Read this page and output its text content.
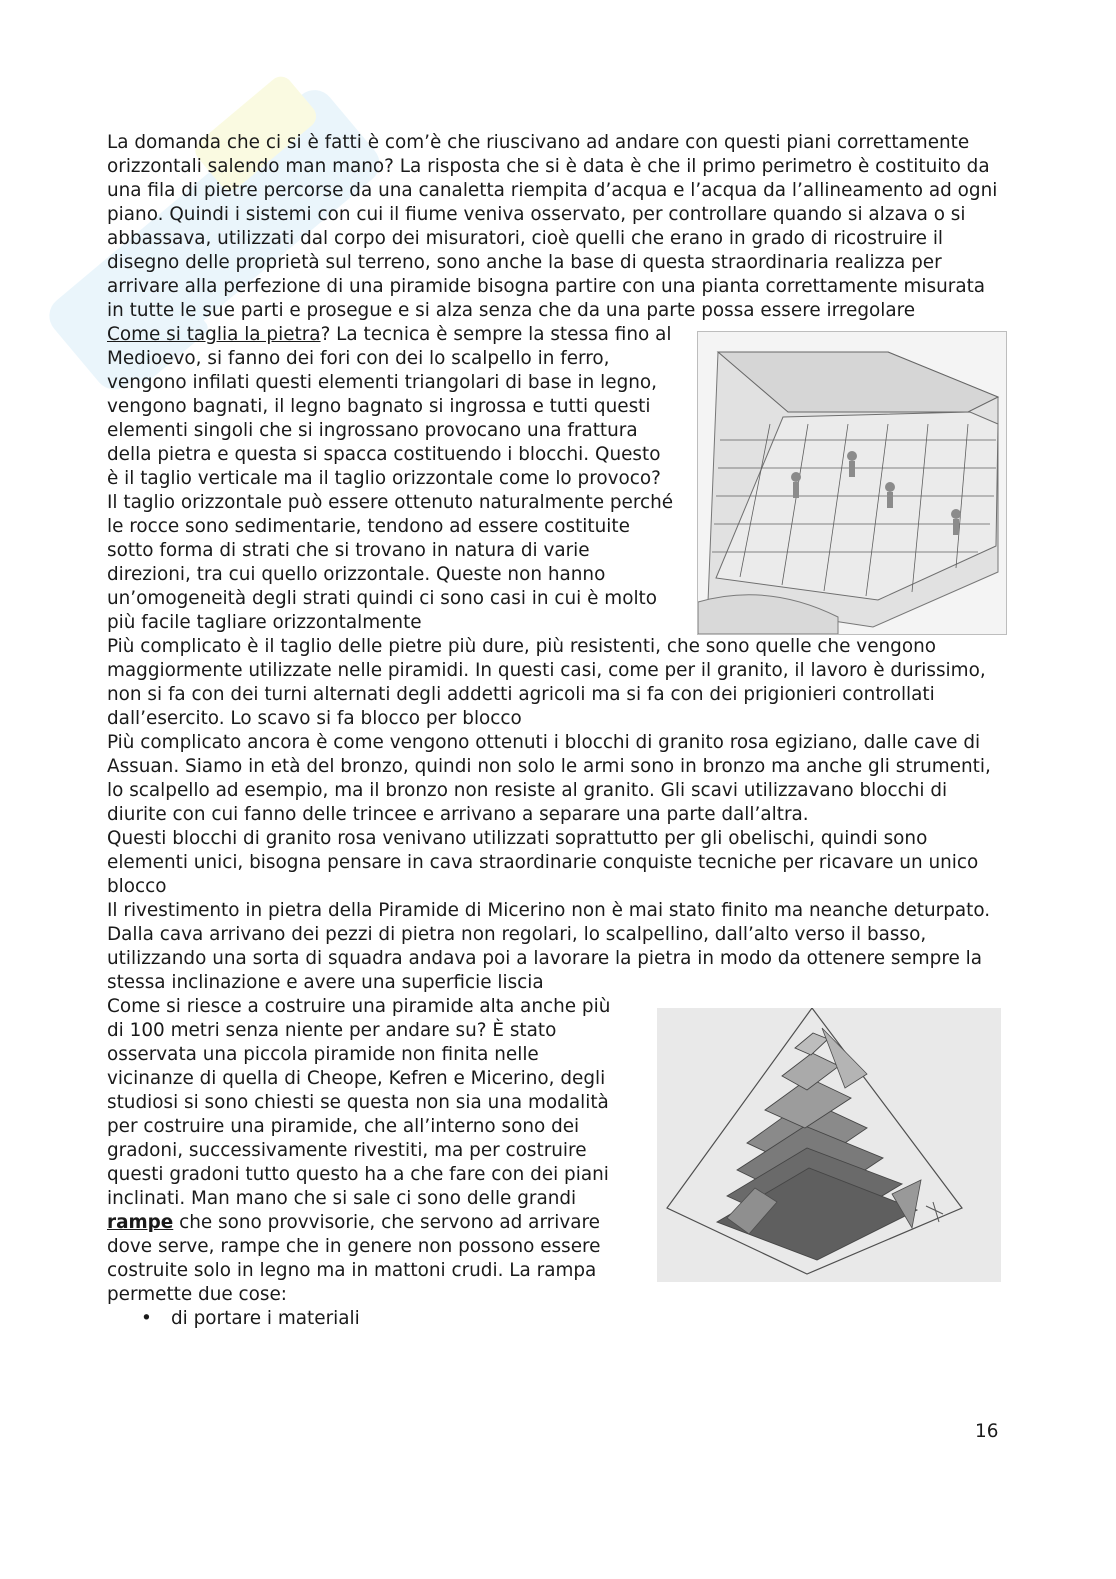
La domanda che ci si è fatti è com’è che riuscivano ad andare con questi piani correttamente orizzontali salendo man mano? La risposta che si è data è che il primo perimetro è costituito da una fila di pietre percorse da una canaletta riempita d’acqua e l’acqua da l’allineamento ad ogni piano. Quindi i sistemi con cui il fiume veniva osservato, per controllare quando si alzava o si abbassava, utilizzati dal corpo dei misuratori, cioè quelli che erano in grado di ricostruire il disegno delle proprietà sul terreno, sono anche la base di questa straordinaria realizza per arrivare alla perfezione di una piramide bisogna partire con una pianta correttamente misurata in tutte le sue parti e prosegue e si alza senza che da una parte possa essere irregolare

Come si taglia la pietra? La tecnica è sempre la stessa fino al Medioevo, si fanno dei fori con dei lo scalpello in ferro, vengono infilati questi elementi triangolari di base in legno, vengono bagnati, il legno bagnato si ingrossa e tutti questi elementi singoli che si ingrossano provocano una frattura della pietra e questa si spacca costituendo i blocchi. Questo è il taglio verticale ma il taglio orizzontale come lo provoco? Il taglio orizzontale può essere ottenuto naturalmente perché le rocce sono sedimentarie, tendono ad essere costituite sotto forma di strati che si trovano in natura di varie direzioni, tra cui quello orizzontale. Queste non hanno un’omogeneità degli strati quindi ci sono casi in cui è molto più facile tagliare orizzontalmente

Più complicato è il taglio delle pietre più dure, più resistenti, che sono quelle che vengono maggiormente utilizzate nelle piramidi. In questi casi, come per il granito, il lavoro è durissimo, non si fa con dei turni alternati degli addetti agricoli ma si fa con dei prigionieri controllati dall’esercito. Lo scavo si fa blocco per blocco

Più complicato ancora è come vengono ottenuti i blocchi di granito rosa egiziano, dalle cave di Assuan. Siamo in età del bronzo, quindi non solo le armi sono in bronzo ma anche gli strumenti, lo scalpello ad esempio, ma il bronzo non resiste al granito. Gli scavi utilizzavano blocchi di diurite con cui fanno delle trincee e arrivano a separare una parte dall’altra.

Questi blocchi di granito rosa venivano utilizzati soprattutto per gli obelischi, quindi sono elementi unici, bisogna pensare in cava straordinarie conquiste tecniche per ricavare un unico blocco

Il rivestimento in pietra della Piramide di Micerino non è mai stato finito ma neanche deturpato. Dalla cava arrivano dei pezzi di pietra non regolari, lo scalpellino, dall’alto verso il basso, utilizzando una sorta di squadra andava poi a lavorare la pietra in modo da ottenere sempre la stessa inclinazione e avere una superficie liscia

Come si riesce a costruire una piramide alta anche più di 100 metri senza niente per andare su? È stato osservata una piccola piramide non finita nelle vicinanze di quella di Cheope, Kefren e Micerino, degli studiosi si sono chiesti se questa non sia una modalità per costruire una piramide, che all’interno sono dei gradoni, successivamente rivestiti, ma per costruire questi gradoni tutto questo ha a che fare con dei piani inclinati. Man mano che si sale ci sono delle grandi rampe che sono provvisorie, che servono ad arrivare dove serve, rampe che in genere non possono essere costruite solo in legno ma in mattoni crudi. La rampa permette due cose:

• di portare i materiali
16
